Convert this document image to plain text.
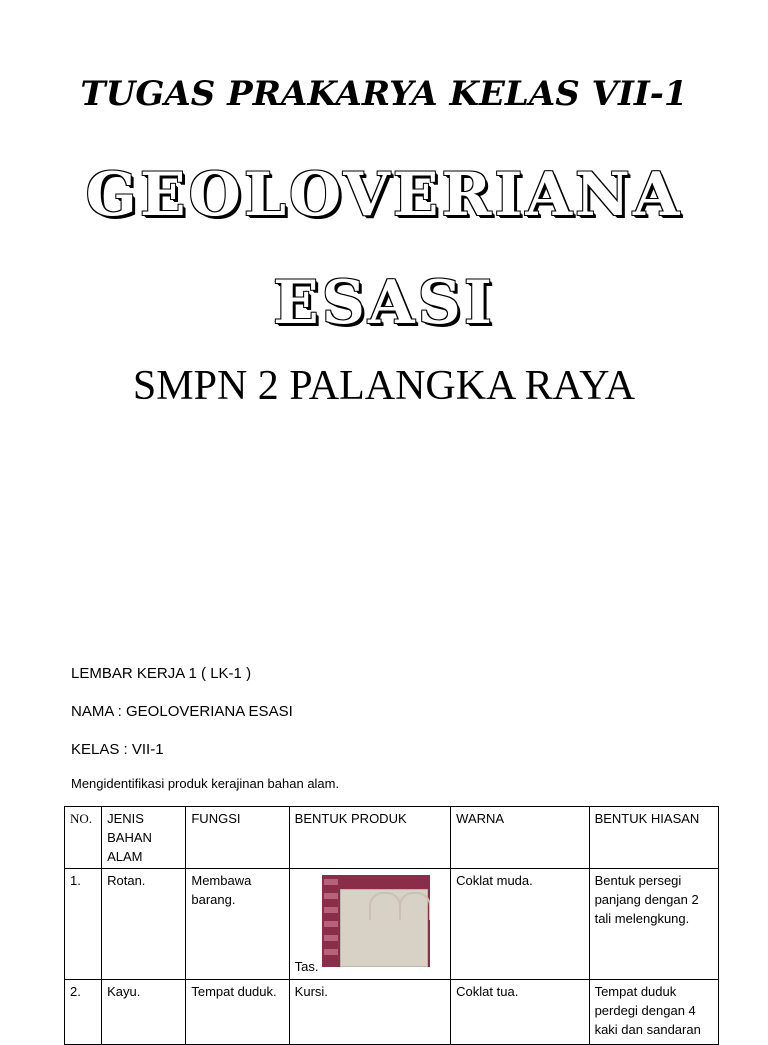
TUGAS PRAKARYA KELAS VII-1
GEOLOVERIANA
ESASI
SMPN 2 PALANGKA RAYA
LEMBAR KERJA 1 ( LK-1 )
NAMA : GEOLOVERIANA ESASI
KELAS : VII-1
Mengidentifikasi produk kerajinan bahan alam.
NO.	JENIS BAHAN ALAM	FUNGSI	BENTUK PRODUK	WARNA	BENTUK HIASAN
1.	Rotan.	Membawa barang.	Tas.	Coklat muda.	Bentuk persegi panjang dengan 2 tali melengkung.
2.	Kayu.	Tempat duduk.	Kursi.	Coklat tua.	Tempat duduk perdegi dengan 4 kaki dan sandaran
